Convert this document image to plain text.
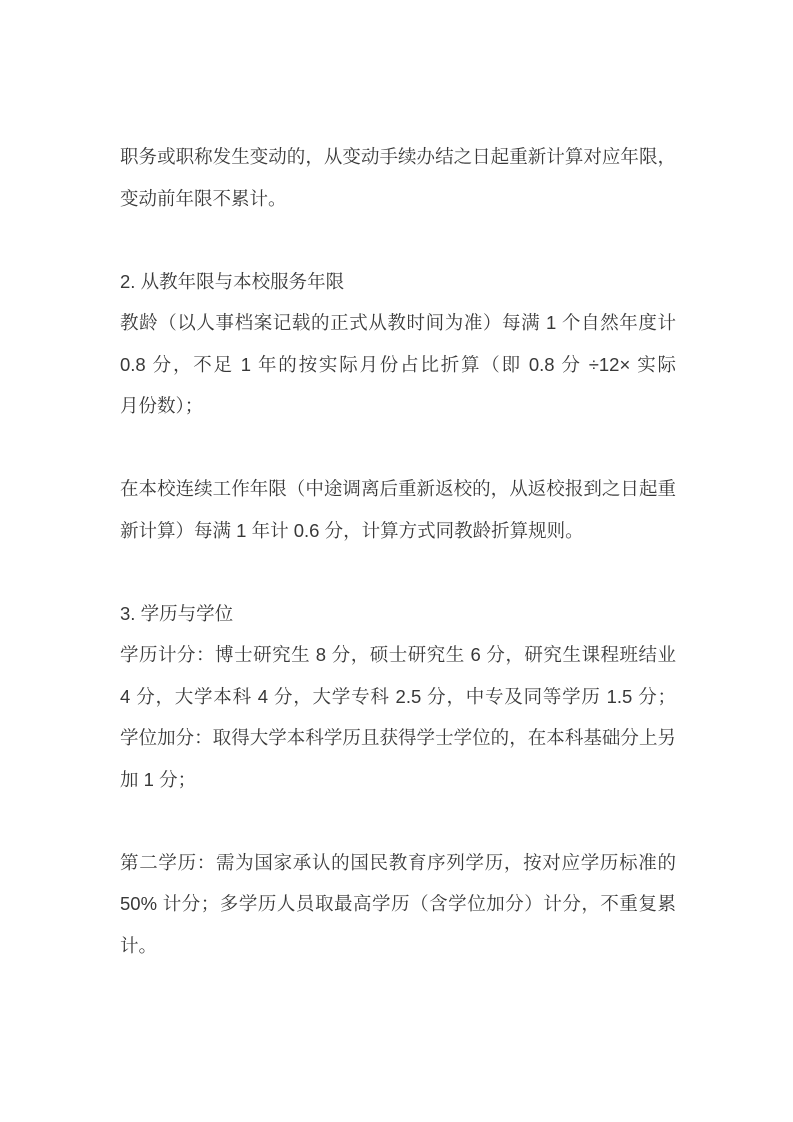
职务或职称发生变动的，从变动手续办结之日起重新计算对应年限，
变动前年限不累计。
2. 从教年限与本校服务年限
教龄（以人事档案记载的正式从教时间为准）每满 1 个自然年度计
0.8 分，不足 1 年的按实际月份占比折算（即 0.8 分 ÷12× 实际
月份数）；
在本校连续工作年限（中途调离后重新返校的，从返校报到之日起重
新计算）每满 1 年计 0.6 分，计算方式同教龄折算规则。
3. 学历与学位
学历计分：博士研究生 8 分，硕士研究生 6 分，研究生课程班结业
4 分，大学本科 4 分，大学专科 2.5 分，中专及同等学历 1.5 分；
学位加分：取得大学本科学历且获得学士学位的，在本科基础分上另
加 1 分；
第二学历：需为国家承认的国民教育序列学历，按对应学历标准的
50% 计分；多学历人员取最高学历（含学位加分）计分，不重复累
计。
